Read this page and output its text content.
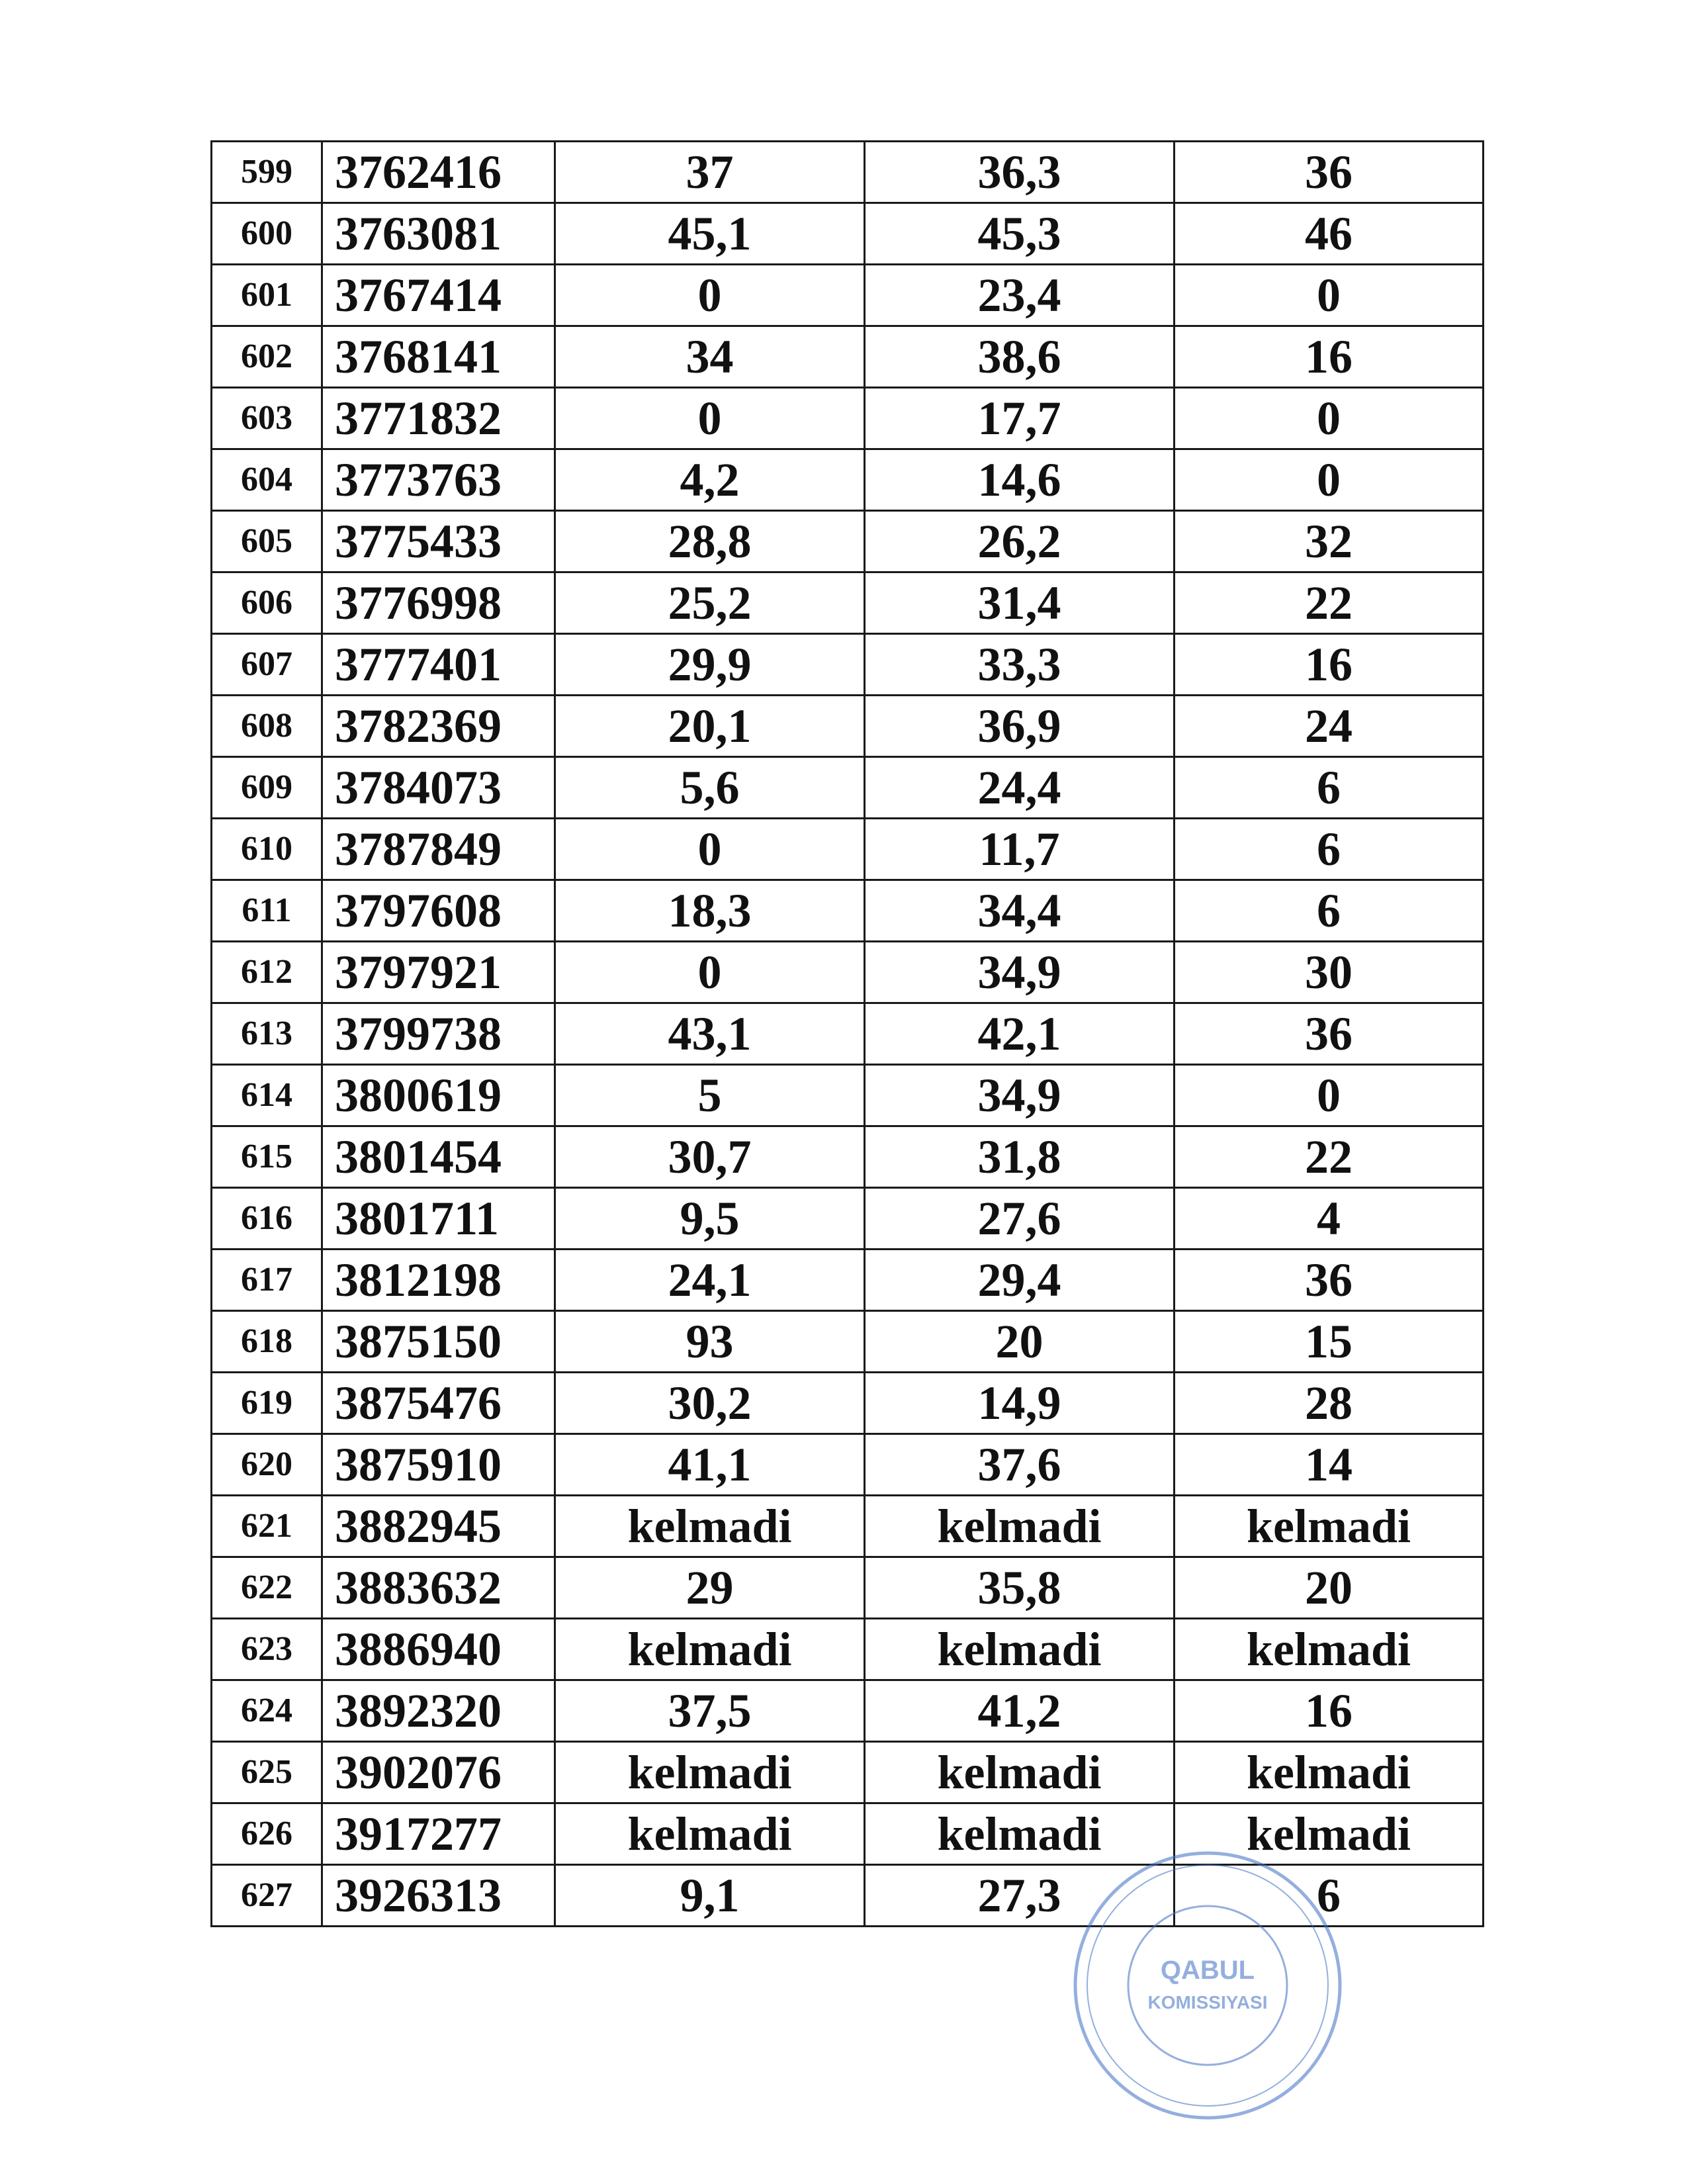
599	3762416	37	36,3	36
600	3763081	45,1	45,3	46
601	3767414	0	23,4	0
602	3768141	34	38,6	16
603	3771832	0	17,7	0
604	3773763	4,2	14,6	0
605	3775433	28,8	26,2	32
606	3776998	25,2	31,4	22
607	3777401	29,9	33,3	16
608	3782369	20,1	36,9	24
609	3784073	5,6	24,4	6
610	3787849	0	11,7	6
611	3797608	18,3	34,4	6
612	3797921	0	34,9	30
613	3799738	43,1	42,1	36
614	3800619	5	34,9	0
615	3801454	30,7	31,8	22
616	3801711	9,5	27,6	4
617	3812198	24,1	29,4	36
618	3875150	93	20	15
619	3875476	30,2	14,9	28
620	3875910	41,1	37,6	14
621	3882945	kelmadi	kelmadi	kelmadi
622	3883632	29	35,8	20
623	3886940	kelmadi	kelmadi	kelmadi
624	3892320	37,5	41,2	16
625	3902076	kelmadi	kelmadi	kelmadi
626	3917277	kelmadi	kelmadi	kelmadi
627	3926313	9,1	27,3	6
QABUL
KOMISSIYASI
